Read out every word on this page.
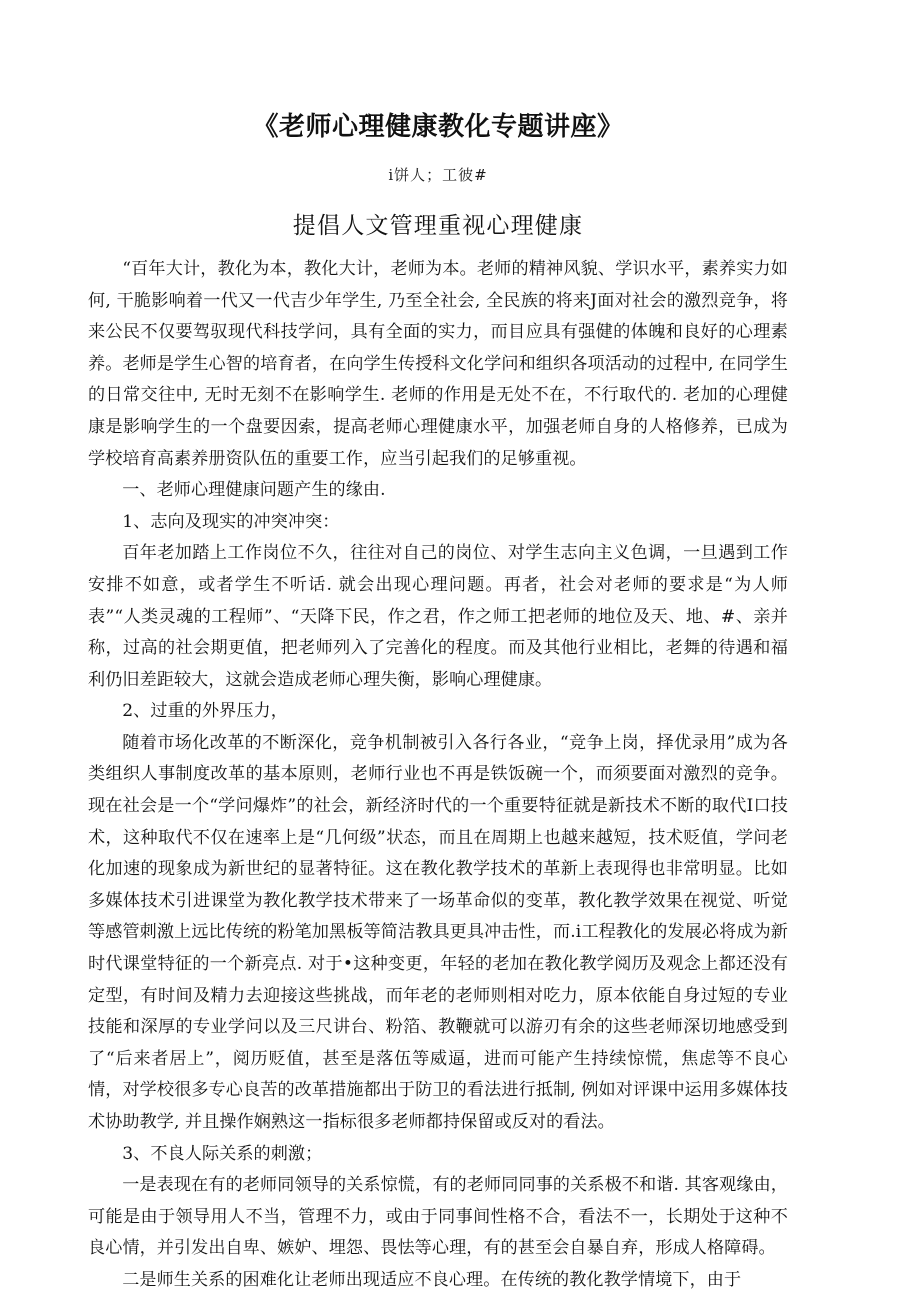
《老师心理健康教化专题讲座》

i饼人；工彼#

提倡人文管理重视心理健康

“百年大计，教化为本，教化大计，老师为本。老师的精神风貌、学识水平，素养实力如何, 干脆影响着一代又一代吉少年学生, 乃至全社会, 全民族的将来J面对社会的激烈竞争，将来公民不仅要驾驭现代科技学问，具有全面的实力，而目应具有强健的体魄和良好的心理素养。老师是学生心智的培育者，在向学生传授科文化学问和组织各项活动的过程中, 在同学生的日常交往中, 无时无刻不在影响学生. 老师的作用是无处不在，不行取代的. 老加的心理健康是影响学生的一个盘要因索，提高老师心理健康水平，加强老师自身的人格修养，已成为学校培育高素养册资队伍的重要工作，应当引起我们的足够重视。

一、老师心理健康问题产生的缘由.

1、志向及现实的冲突冲突：

百年老加踏上工作岗位不久，往往对自己的岗位、对学生志向主义色调，一旦遇到工作安排不如意，或者学生不听话. 就会出现心理问题。再者，社会对老师的要求是“为人师表”“人类灵魂的工程师”、“天降下民，作之君，作之师工把老师的地位及天、地、#、亲并称，过高的社会期更值，把老师列入了完善化的程度。而及其他行业相比，老舞的待遇和福利仍旧差距较大，这就会造成老师心理失衡，影响心理健康。

2、过重的外界压力，

随着市场化改革的不断深化，竞争机制被引入各行各业，“竞争上岗，择优录用”成为各类组织人事制度改革的基本原则，老师行业也不再是铁饭碗一个，而须要面对激烈的竞争。现在社会是一个“学问爆炸”的社会，新经济时代的一个重要特征就是新技术不断的取代I口技术，这种取代不仅在速率上是“几何级”状态，而且在周期上也越来越短，技术贬值，学问老化加速的现象成为新世纪的显著特征。这在教化教学技术的革新上表现得也非常明显。比如多媒体技术引进课堂为教化教学技术带来了一场革命似的变革，教化教学效果在视觉、听觉等感管刺激上远比传统的粉笔加黑板等简洁教具更具冲击性，而.i工程教化的发展必将成为新时代课堂特征的一个新亮点. 对于•这种变更，年轻的老加在教化教学阅历及观念上都还没有定型，有时间及精力去迎接这些挑战，而年老的老师则相对吃力，原本依能自身过短的专业技能和深厚的专业学问以及三尺讲台、粉箔、教鞭就可以游刃有余的这些老师深切地感受到了“后来者居上”，阅历贬值，甚至是落伍等威逼，进而可能产生持续惊慌，焦虑等不良心情，对学校很多专心良苦的改革措施都出于防卫的看法进行抵制, 例如对评课中运用多媒体技术协助教学, 并且操作娴熟这一指标很多老师都持保留或反对的看法。

3、不良人际关系的刺激；

一是表现在有的老师同领导的关系惊慌，有的老师同同事的关系极不和谐. 其客观缘由，可能是由于领导用人不当，管理不力，或由于同事间性格不合，看法不一，长期处于这种不良心情，并引发出自卑、嫉妒、埋怨、畏怯等心理，有的甚至会自暴自弃，形成人格障碍。

二是师生关系的困难化让老师出现适应不良心理。在传统的教化教学情境下，由于
